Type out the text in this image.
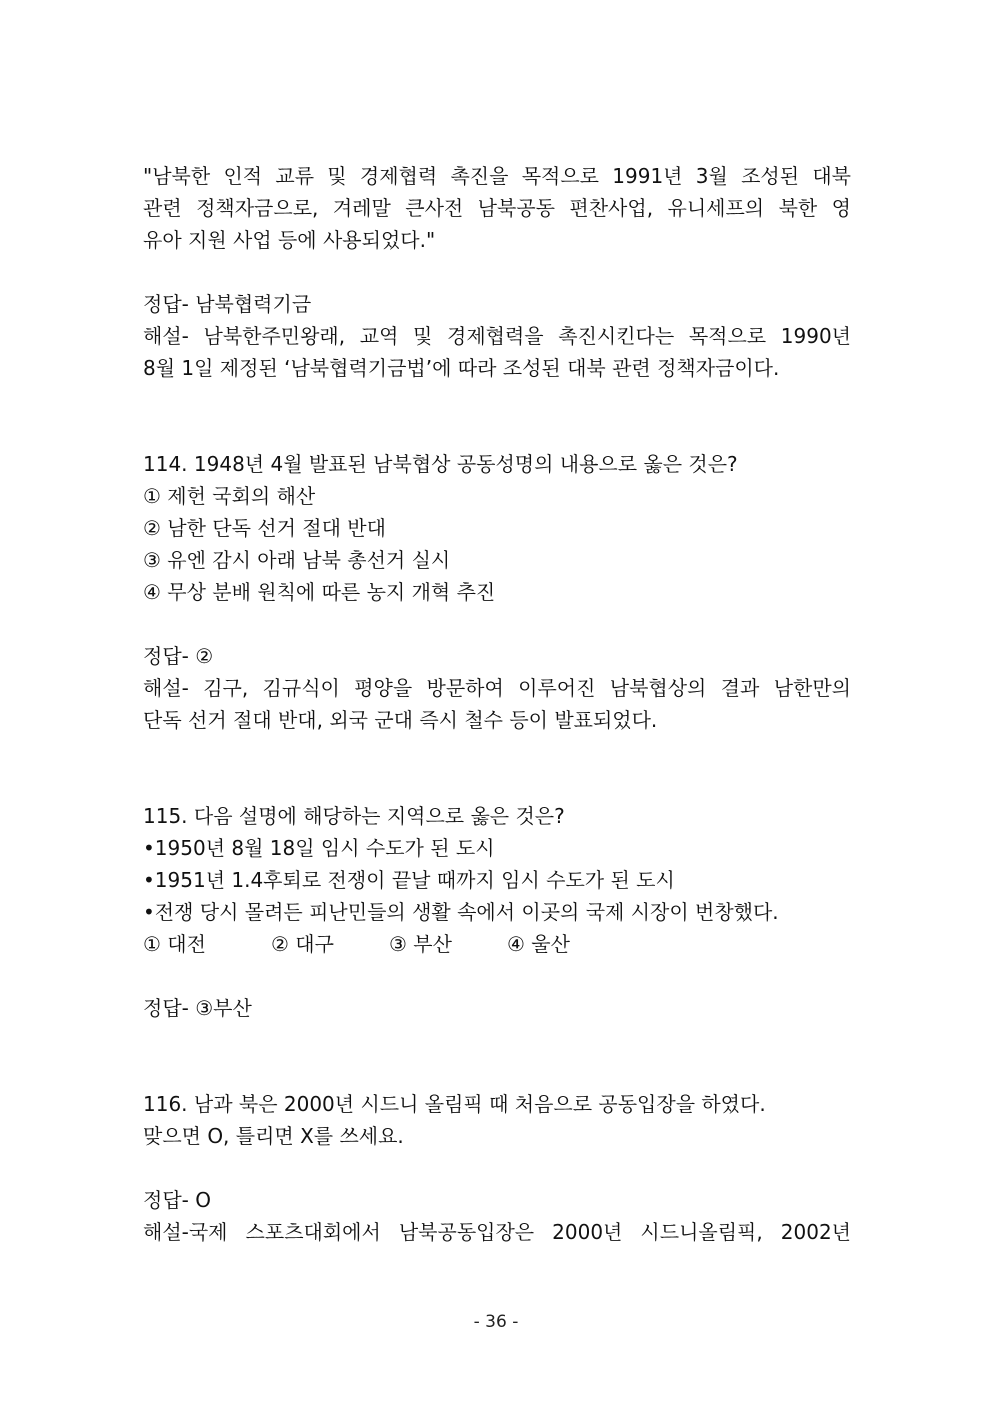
"남북한 인적 교류 및 경제협력 촉진을 목적으로 1991년 3월 조성된 대북
관련 정책자금으로, 겨레말 큰사전 남북공동 편찬사업, 유니세프의 북한 영
유아 지원 사업 등에 사용되었다."
정답- 남북협력기금
해설- 남북한주민왕래, 교역 및 경제협력을 촉진시킨다는 목적으로 1990년
8월 1일 제정된 ‘남북협력기금법’에 따라 조성된 대북 관련 정책자금이다.
114. 1948년 4월 발표된 남북협상 공동성명의 내용으로 옳은 것은?
① 제헌 국회의 해산
② 남한 단독 선거 절대 반대
③ 유엔 감시 아래 남북 총선거 실시
④ 무상 분배 원칙에 따른 농지 개혁 추진
정답- ②
해설- 김구, 김규식이 평양을 방문하여 이루어진 남북협상의 결과 남한만의
단독 선거 절대 반대, 외국 군대 즉시 철수 등이 발표되었다.
115. 다음 설명에 해당하는 지역으로 옳은 것은?
•1950년 8월 18일 임시 수도가 된 도시
•1951년 1.4후퇴로 전쟁이 끝날 때까지 임시 수도가 된 도시
•전쟁 당시 몰려든 피난민들의 생활 속에서 이곳의 국제 시장이 번창했다.
① 대전	② 대구	③ 부산	④ 울산
정답- ③부산
116. 남과 북은 2000년 시드니 올림픽 때 처음으로 공동입장을 하였다.
맞으면 O, 틀리면 X를 쓰세요.
정답- O
해설-국제 스포츠대회에서 남북공동입장은 2000년 시드니올림픽, 2002년
- 36 -
